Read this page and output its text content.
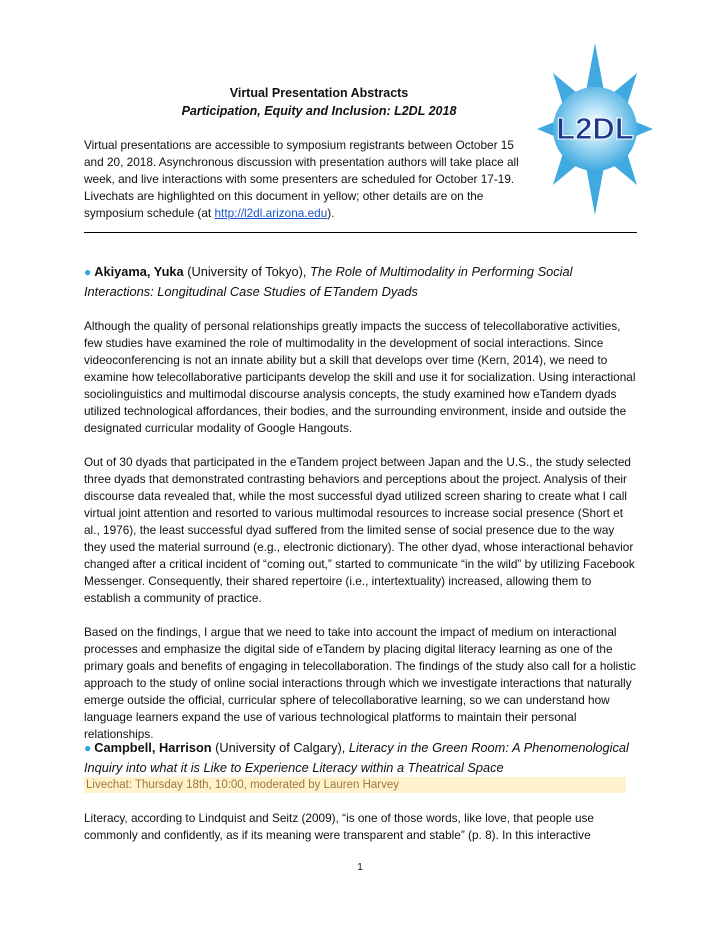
Virtual Presentation Abstracts
Participation, Equity and Inclusion: L2DL 2018
Virtual presentations are accessible to symposium registrants between October 15 and 20, 2018. Asynchronous discussion with presentation authors will take place all week, and live interactions with some presenters are scheduled for October 17-19. Livechats are highlighted on this document in yellow; other details are on the symposium schedule (at http://l2dl.arizona.edu).
L2DL
● Akiyama, Yuka (University of Tokyo), The Role of Multimodality in Performing Social Interactions: Longitudinal Case Studies of ETandem Dyads

Although the quality of personal relationships greatly impacts the success of telecollaborative activities, few studies have examined the role of multimodality in the development of social interactions. Since videoconferencing is not an innate ability but a skill that develops over time (Kern, 2014), we need to examine how telecollaborative participants develop the skill and use it for socialization. Using interactional sociolinguistics and multimodal discourse analysis concepts, the study examined how eTandem dyads utilized technological affordances, their bodies, and the surrounding environment, inside and outside the designated curricular modality of Google Hangouts.

Out of 30 dyads that participated in the eTandem project between Japan and the U.S., the study selected three dyads that demonstrated contrasting behaviors and perceptions about the project. Analysis of their discourse data revealed that, while the most successful dyad utilized screen sharing to create what I call virtual joint attention and resorted to various multimodal resources to increase social presence (Short et al., 1976), the least successful dyad suffered from the limited sense of social presence due to the way they used the material surround (e.g., electronic dictionary). The other dyad, whose interactional behavior changed after a critical incident of “coming out,” started to communicate “in the wild” by utilizing Facebook Messenger. Consequently, their shared repertoire (i.e., intertextuality) increased, allowing them to establish a community of practice.

Based on the findings, I argue that we need to take into account the impact of medium on interactional processes and emphasize the digital side of eTandem by placing digital literacy learning as one of the primary goals and benefits of engaging in telecollaboration. The findings of the study also call for a holistic approach to the study of online social interactions through which we investigate interactions that naturally emerge outside the official, curricular sphere of telecollaborative learning, so we can understand how language learners expand the use of various technological platforms to maintain their personal relationships.

● Campbell, Harrison (University of Calgary), Literacy in the Green Room: A Phenomenological Inquiry into what it is Like to Experience Literacy within a Theatrical Space
Livechat: Thursday 18th, 10:00, moderated by Lauren Harvey

Literacy, according to Lindquist and Seitz (2009), “is one of those words, like love, that people use commonly and confidently, as if its meaning were transparent and stable” (p. 8). In this interactive

1
